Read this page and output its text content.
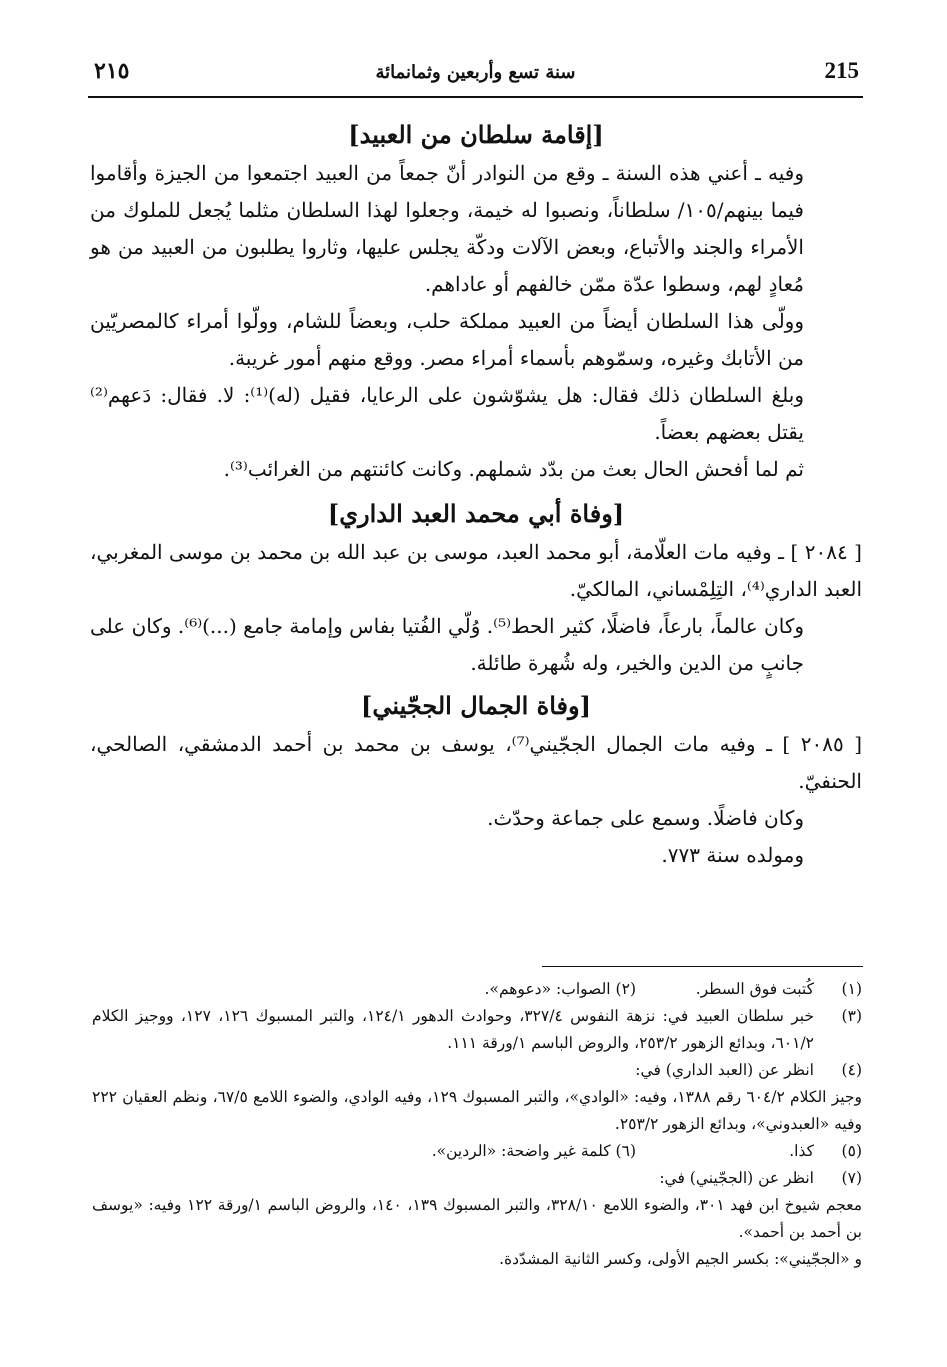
215
سنة تسع وأربعين وثمانمائة
٢١٥
[إقامة سلطان من العبيد]

وفيه ـ أعني هذه السنة ـ وقع من النوادر أنّ جمعاً من العبيد اجتمعوا من الجيزة وأقاموا فيما بينهم/١٠٥/ سلطاناً، ونصبوا له خيمة، وجعلوا لهذا السلطان مثلما يُجعل للملوك من الأمراء والجند والأتباع، وبعض الآلات ودكّة يجلس عليها، وثاروا يطلبون من العبيد من هو مُعادٍ لهم، وسطوا عدّة ممّن خالفهم أو عاداهم.

وولّى هذا السلطان أيضاً من العبيد مملكة حلب، وبعضاً للشام، وولّوا أمراء كالمصريّين من الأتابك وغيره، وسمّوهم بأسماء أمراء مصر. ووقع منهم أمور غريبة.

وبلغ السلطان ذلك فقال: هل يشوّشون على الرعايا، فقيل (له)⁽¹⁾: لا. فقال: دَعهم⁽²⁾ يقتل بعضهم بعضاً.

ثم لما أفحش الحال بعث من بدّد شملهم. وكانت كائنتهم من الغرائب⁽³⁾.

[وفاة أبي محمد العبد الداري]

[ ٢٠٨٤ ] ـ وفيه مات العلّامة، أبو محمد العبد، موسى بن عبد الله بن محمد بن موسى المغربي، العبد الداري⁽⁴⁾، التِلِمْساني، المالكيّ.

وكان عالماً، بارعاً، فاضلًا، كثير الحط⁽⁵⁾. وُلّي الفُتيا بفاس وإمامة جامع (...)⁽⁶⁾. وكان على جانبٍ من الدين والخير، وله شُهرة طائلة.

[وفاة الجمال الججّيني]

[ ٢٠٨٥ ] ـ وفيه مات الجمال الججّيني⁽⁷⁾، يوسف بن محمد بن أحمد الدمشقي، الصالحي، الحنفيّ.

وكان فاضلًا. وسمع على جماعة وحدّث.

ومولده سنة ٧٧٣.

(١)
كُتبت فوق السطر.
(٢) الصواب: «دعوهم».
(٣)
خبر سلطان العبيد في: نزهة النفوس ٣٢٧/٤، وحوادث الدهور ١٢٤/١، والتبر المسبوك ١٢٦، ١٢٧، ووجيز الكلام ٦٠١/٢، وبدائع الزهور ٢٥٣/٢، والروض الباسم ١/ورقة ١١١.
(٤)
انظر عن (العبد الداري) في:

وجيز الكلام ٦٠٤/٢ رقم ١٣٨٨، وفيه: «الوادي»، والتبر المسبوك ١٢٩، وفيه الوادي، والضوء اللامع ٦٧/٥، ونظم العقيان ٢٢٢ وفيه «العبدوني»، وبدائع الزهور ٢٥٣/٢.

(٥)
كذا.
(٦) كلمة غير واضحة: «الردين».
(٧)
انظر عن (الججّيني) في:

معجم شيوخ ابن فهد ٣٠١، والضوء اللامع ٣٢٨/١٠، والتبر المسبوك ١٣٩، ١٤٠، والروض الباسم ١/ورقة ١٢٢ وفيه: «يوسف بن أحمد بن أحمد».

و «الججّيني»: بكسر الجيم الأولى، وكسر الثانية المشدّدة.
